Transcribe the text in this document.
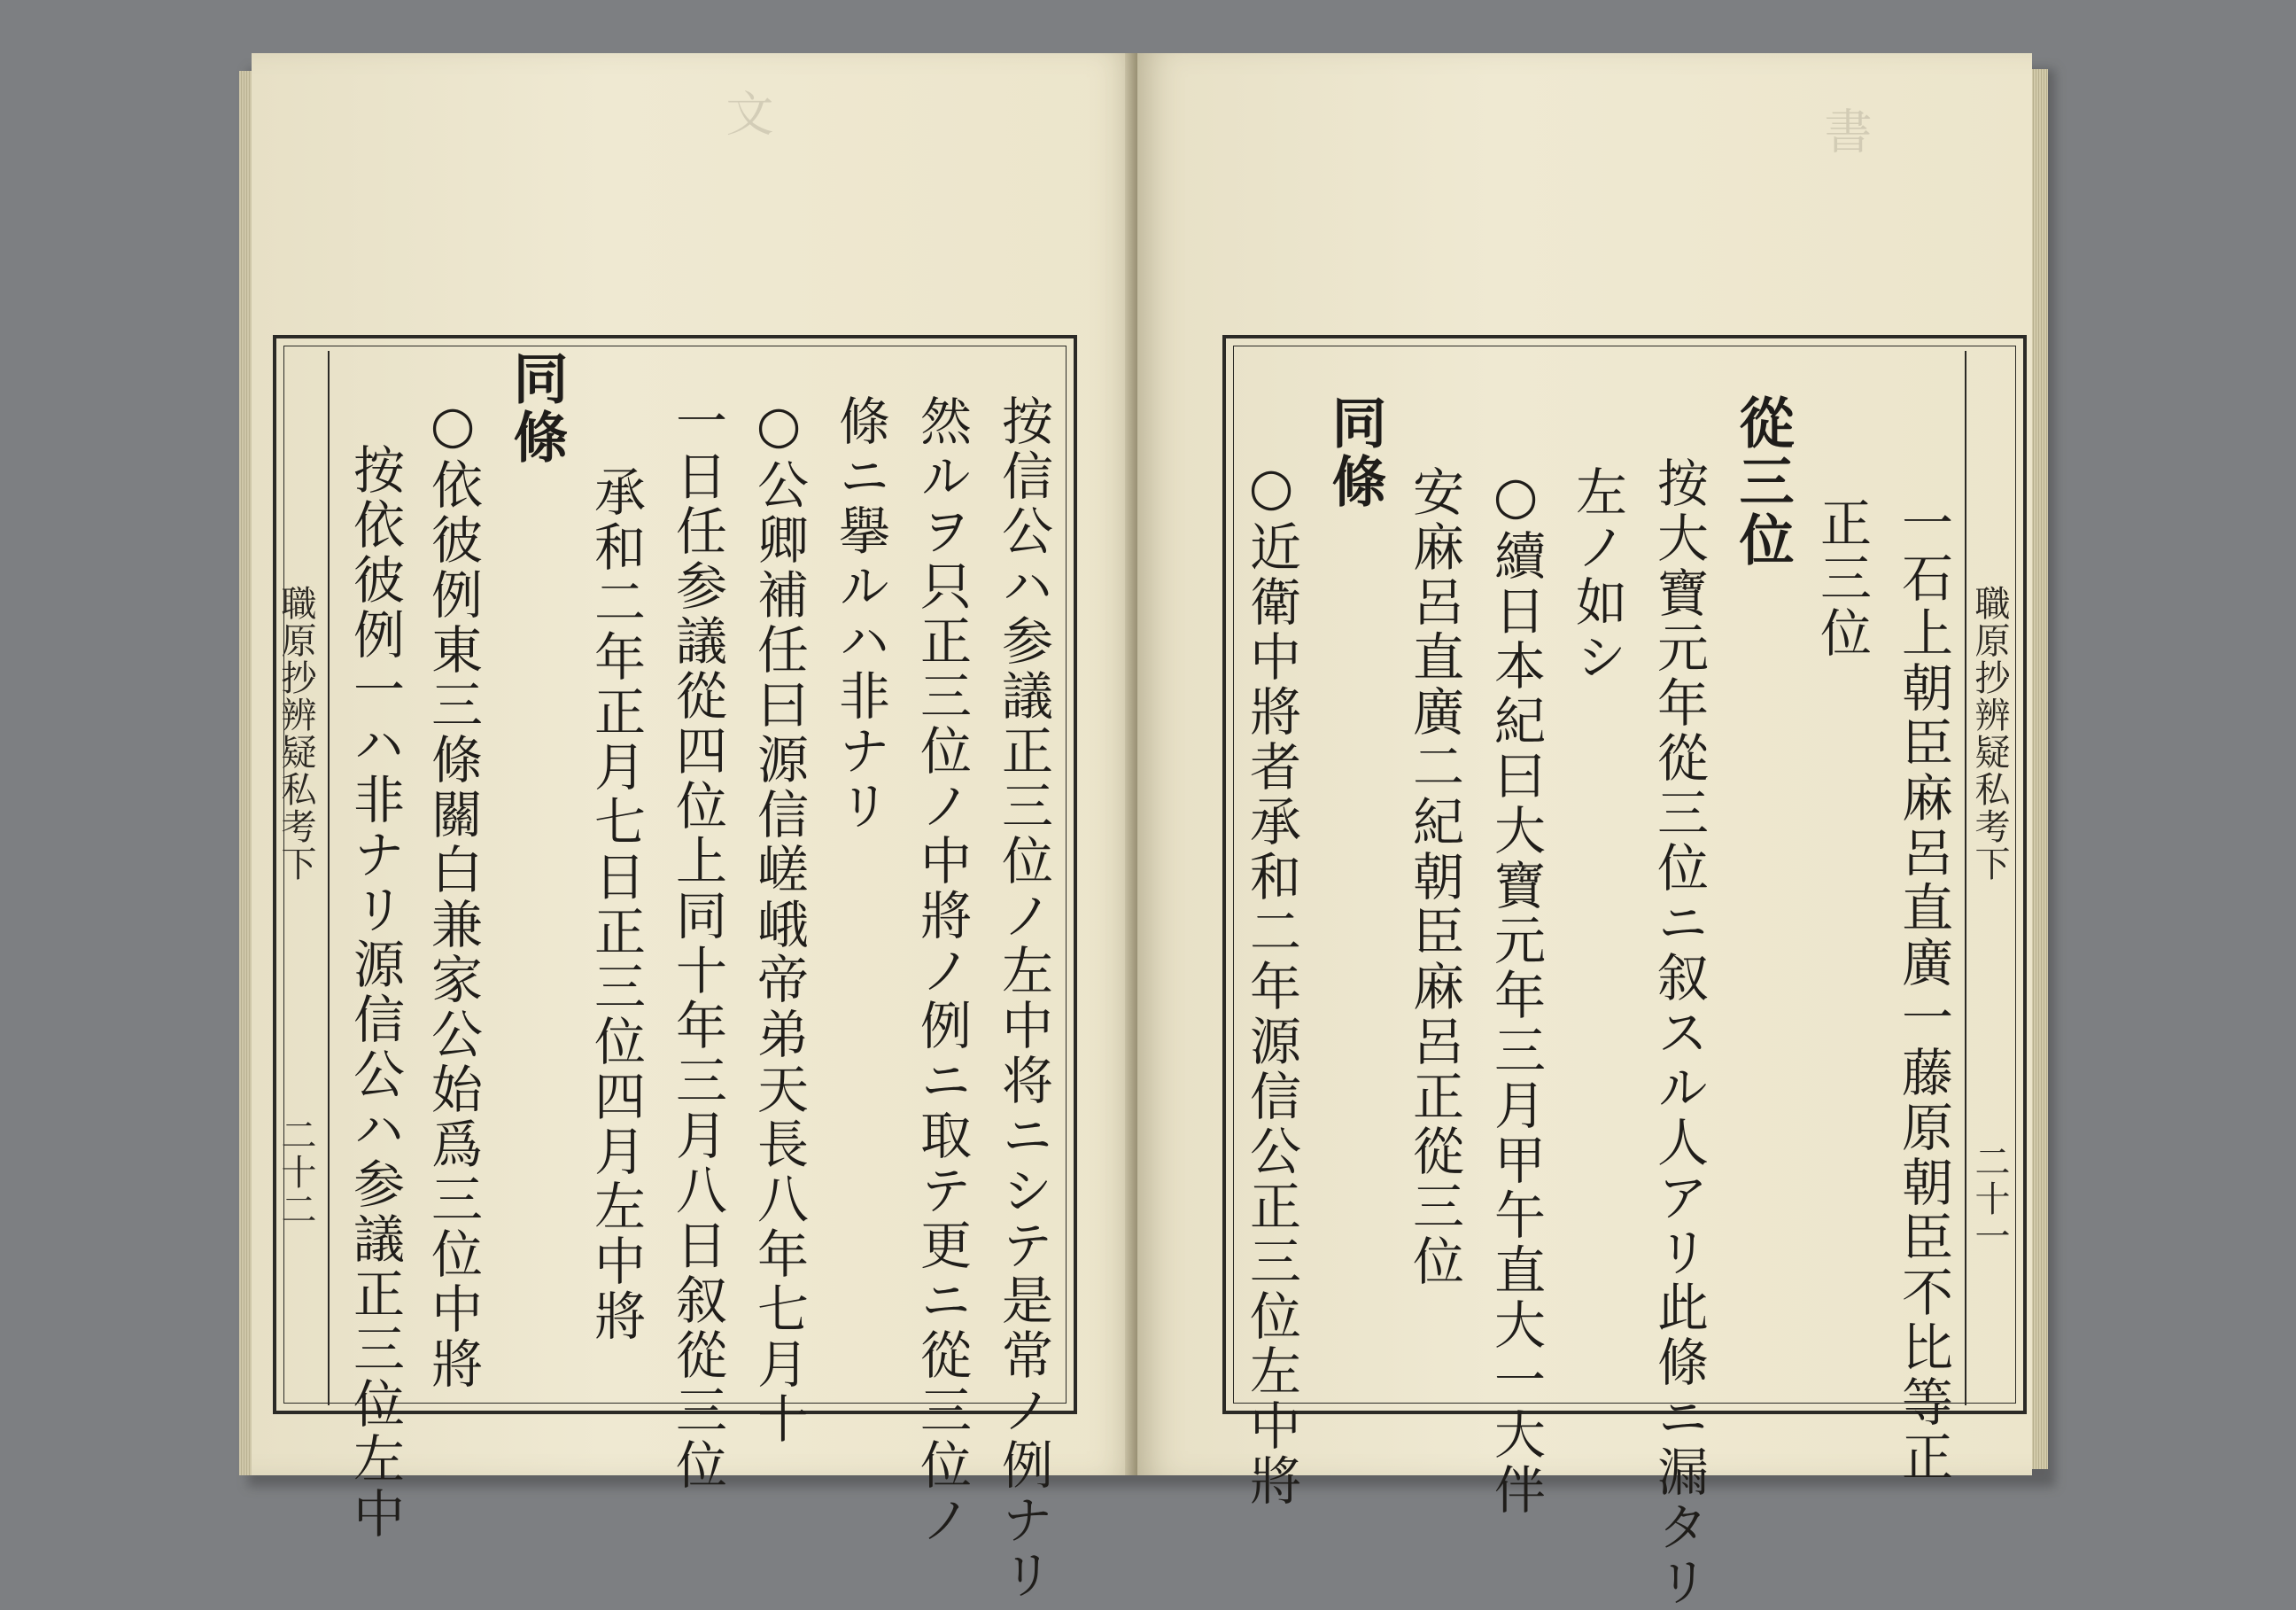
文
職原抄辨疑私考下
二十二	按信公ハ参議正三位ノ左中将ニシテ是常ノ例ナリ
然ルヲ只正三位ノ中將ノ例ニ取テ更ニ從三位ノ
條ニ擧ルハ非ナリ
○公卿補任曰源信嵯峨帝弟天長八年七月十
一日任参議從四位上同十年三月八日叙從三位
承和二年正月七日正三位四月左中將
同條
○依彼例東三條關白兼家公始爲三位中將
按依彼例一ハ非ナリ源信公ハ参議正三位左中
書
職原抄辨疑私考下
二十一
一石上朝臣麻呂直廣一藤原朝臣不比等正
正三位
從三位
按大寶元年從三位ニ叙スル人アリ此條ニ漏タリ
左ノ如シ
○續日本紀曰大寶元年三月甲午直大一大伴
安麻呂直廣二紀朝臣麻呂正從三位
同條
○近衛中將者承和二年源信公正三位左中將
